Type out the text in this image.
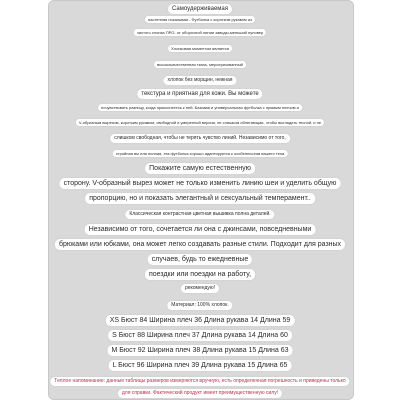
Самоудерживаемая
настенная показывая - Футболка с коротким рукавом из
чистого хлопка ПРО- от оборочной линии заводы-меньший пуловер
Хлопковая моментом является
высококачественная ткань, мерсеризованный
хлопок без морщин, нежная
текстура и приятная для кожи. Вы можете
почувствовать разницу, когда прикоснетесь к ней. Базовая и универсальная футболка с прямым плечом и
V-образным вырезом, коротким рукавом, свободной и умеренной версии, не слишком облегающая, чтобы выглядеть тесной, и не
слишком свободная, чтобы не терять чувство линий. Независимо от того,
стройная вы или полная, эта футболка хорошо адаптируется к особенностям вашего тела
Покажите самую естественную
сторону. V-образный вырез может не только изменить линию шеи и уделить общую
пропорцию, но и показать элегантный и сексуальный темперамент..
Классическая контрастная цветная вышивка полна деталей.
Независимо от того, сочетается ли она с джинсами, повседневными
брюками или юбками, она может легко создавать разные стили. Подходит для разных
случаев, будь то ежедневные
поездки или поездки на работу,
рекомендую!
Материал: 100% хлопок.
XS Бюст 84 Ширина плеч 36 Длина рукава 14 Длина 59
S Бюст 88 Ширина плеч 37 Длина рукава 14 Длина 60
M Бюст 92 Ширина плеч 38 Длина рукава 15 Длина 63
L Бюст 96 Ширина плеч 39 Длина рукава 15 Длина 65
Теплое напоминание: данные таблицы размеров измеряются вручную, есть определенная погрешность и приведены только
для справки. Фактический продукт имеет преимущественную силу!
